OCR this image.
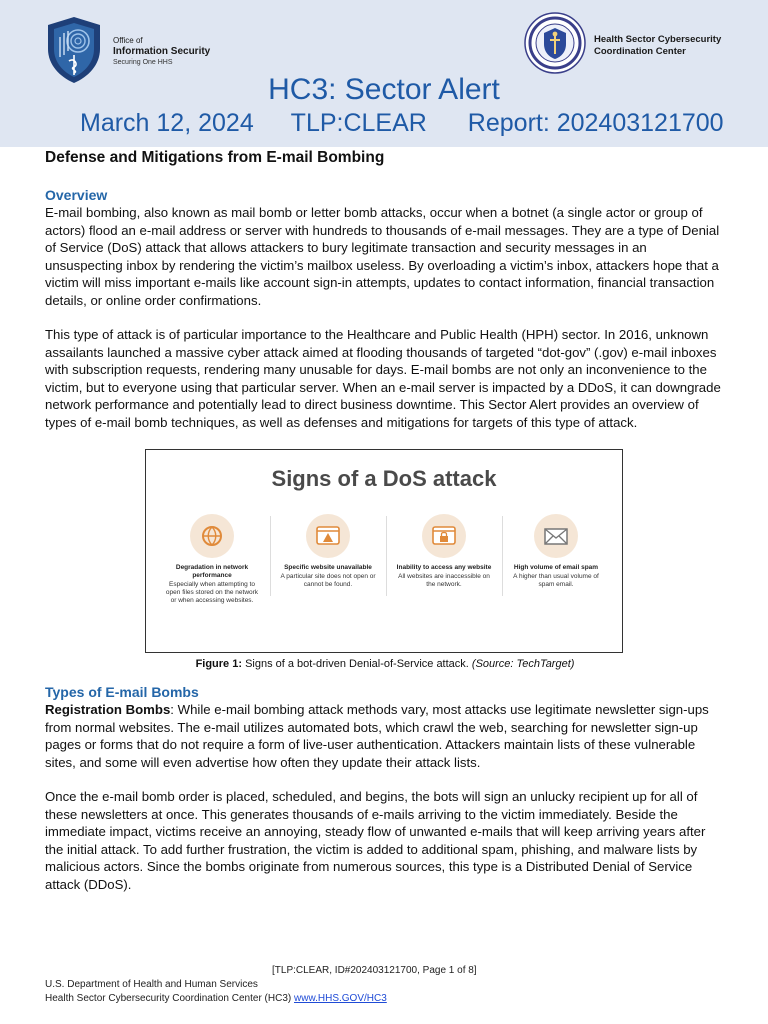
Office of
Information Security
Securing One HHS
Health Sector Cybersecurity
Coordination Center
HC3: Sector Alert
March 12, 2024 TLP:CLEAR Report: 202403121700
Defense and Mitigations from E-mail Bombing
Overview

E-mail bombing, also known as mail bomb or letter bomb attacks, occur when a botnet (a single actor or group of actors) flood an e-mail address or server with hundreds to thousands of e-mail messages. They are a type of Denial of Service (DoS) attack that allows attackers to bury legitimate transaction and security messages in an unsuspecting inbox by rendering the victim’s mailbox useless. By overloading a victim’s inbox, attackers hope that a victim will miss important e-mails like account sign-in attempts, updates to contact information, financial transaction details, or online order confirmations.

This type of attack is of particular importance to the Healthcare and Public Health (HPH) sector. In 2016, unknown assailants launched a massive cyber attack aimed at flooding thousands of targeted “dot-gov” (.gov) e-mail inboxes with subscription requests, rendering many unusable for days. E-mail bombs are not only an inconvenience to the victim, but to everyone using that particular server. When an e-mail server is impacted by a DDoS, it can downgrade network performance and potentially lead to direct business downtime. This Sector Alert provides an overview of types of e-mail bomb techniques, as well as defenses and mitigations for targets of this type of attack.

Signs of a DoS attack
Degradation in network performance
Especially when attempting to open files stored on the network or when accessing websites.
Specific website unavailable
A particular site does not open or cannot be found.
Inability to access any website
All websites are inaccessible on the network.
High volume of email spam
A higher than usual volume of spam email.
Figure 1: Signs of a bot-driven Denial-of-Service attack. (Source: TechTarget)
Types of E-mail Bombs

Registration Bombs: While e-mail bombing attack methods vary, most attacks use legitimate newsletter sign-ups from normal websites. The e-mail utilizes automated bots, which crawl the web, searching for newsletter sign-up pages or forms that do not require a form of live-user authentication. Attackers maintain lists of these vulnerable sites, and some will even advertise how often they update their attack lists.

Once the e-mail bomb order is placed, scheduled, and begins, the bots will sign an unlucky recipient up for all of these newsletters at once. This generates thousands of e-mails arriving to the victim immediately. Beside the immediate impact, victims receive an annoying, steady flow of unwanted e-mails that will keep arriving years after the initial attack. To add further frustration, the victim is added to additional spam, phishing, and malware lists by malicious actors. Since the bombs originate from numerous sources, this type is a Distributed Denial of Service attack (DDoS).

[TLP:CLEAR, ID#202403121700, Page 1 of 8]
U.S. Department of Health and Human Services
Health Sector Cybersecurity Coordination Center (HC3) www.HHS.GOV/HC3
